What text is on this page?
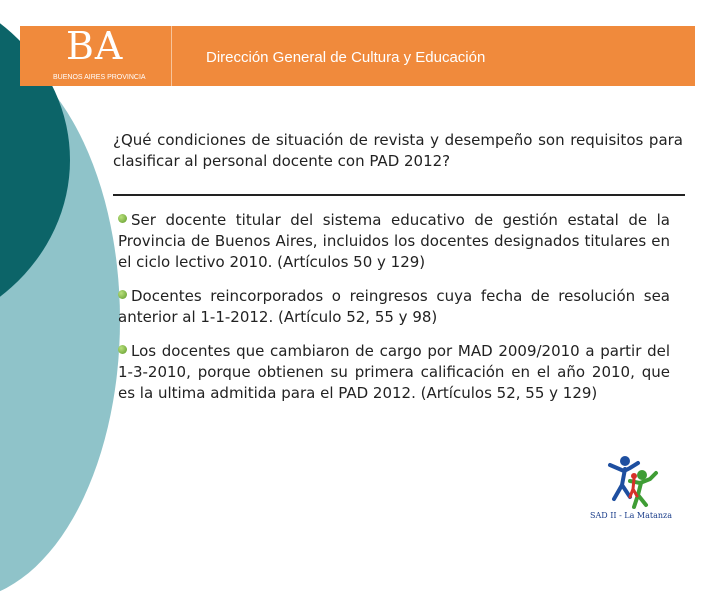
BA
BUENOS AIRES PROVINCIA
Dirección General de Cultura y Educación
¿Qué condiciones de situación de revista y desempeño son requisitos para clasificar al personal docente con PAD 2012?
Ser docente titular del sistema educativo de gestión estatal de la Provincia de Buenos Aires, incluidos los docentes designados titulares en el ciclo lectivo 2010. (Artículos 50 y 129)
Docentes reincorporados o reingresos cuya fecha de resolución sea anterior al 1-1-2012. (Artículo 52, 55 y 98)
Los docentes que cambiaron de cargo por MAD 2009/2010 a partir del 1-3-2010, porque obtienen su primera calificación en el año 2010, que es la ultima admitida para el PAD 2012. (Artículos 52, 55 y 129)
SAD II - La Matanza
